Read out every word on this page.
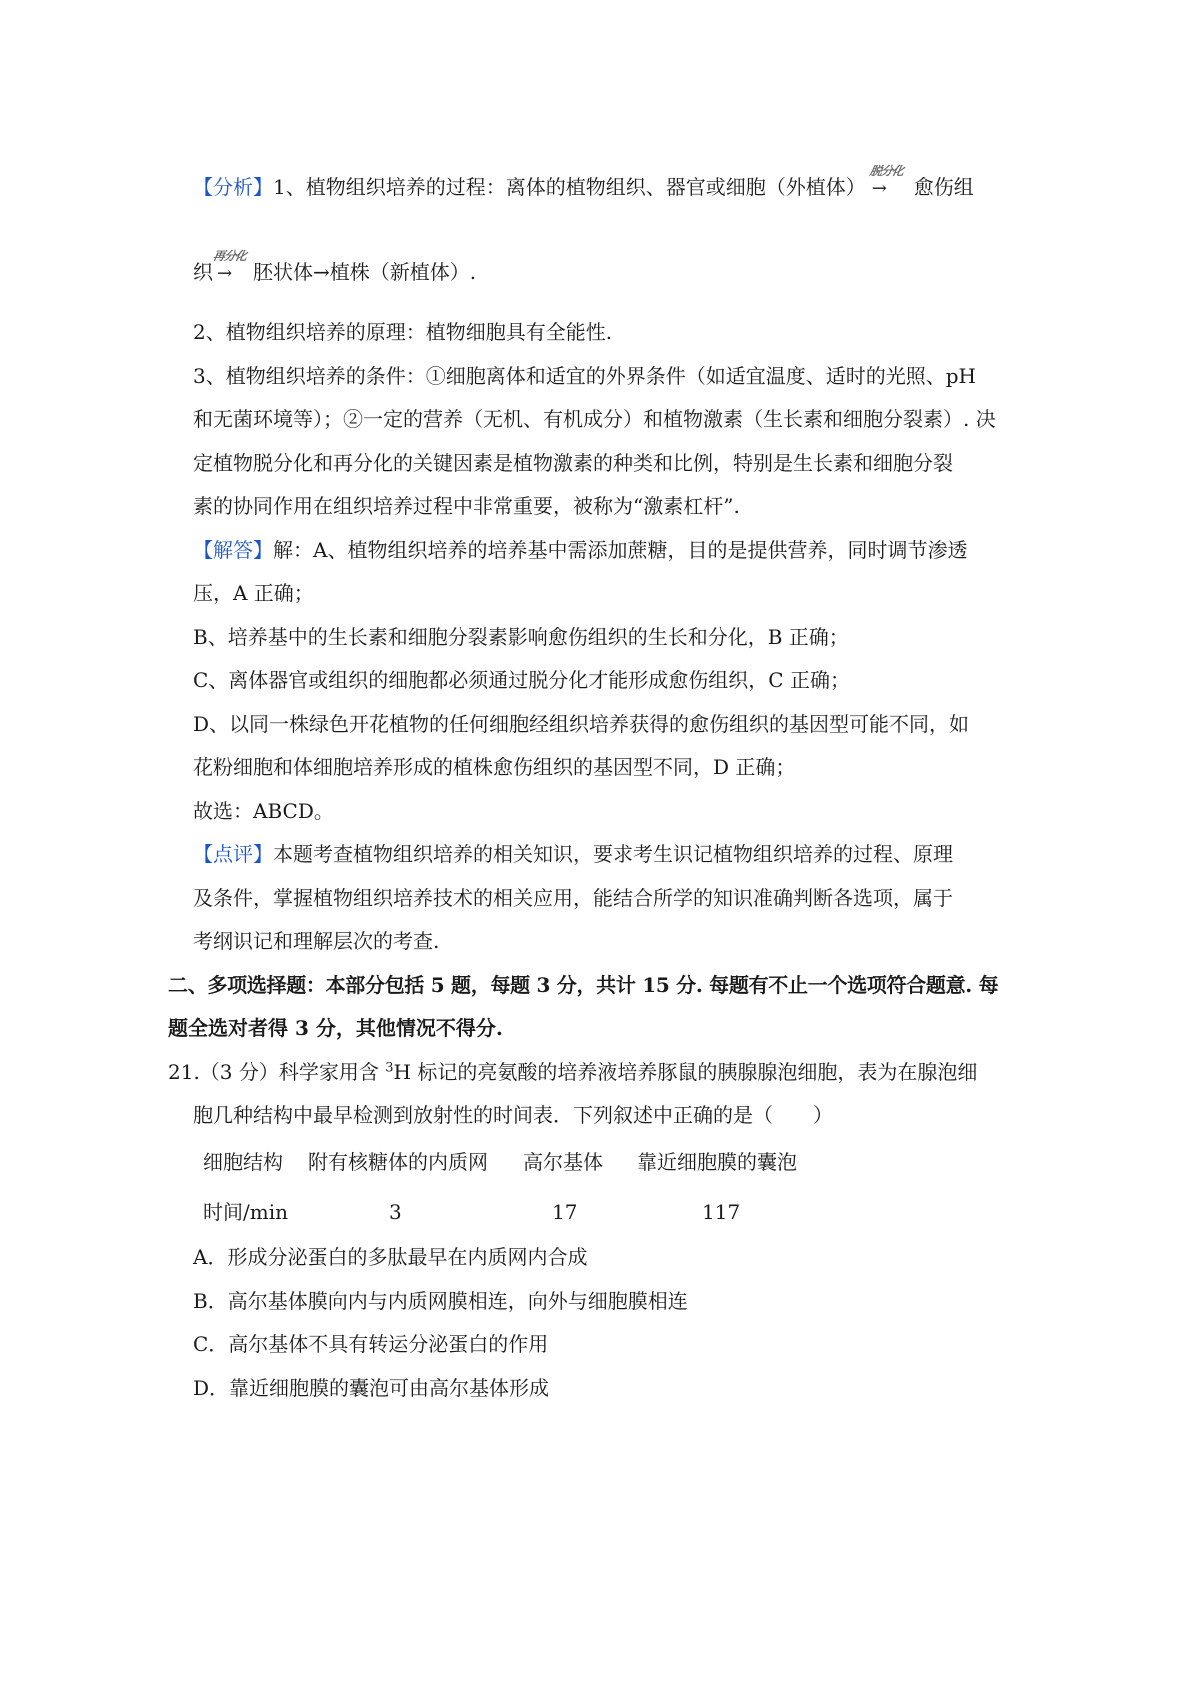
【分析】1、植物组织培养的过程：离体的植物组织、器官或细胞（外植体）
脱分化
→ 愈伤组
织
再分化
→ 胚状体→植株（新植体）.
2、植物组织培养的原理：植物细胞具有全能性.
3、植物组织培养的条件：①细胞离体和适宜的外界条件（如适宜温度、适时的光照、pH
和无菌环境等）；②一定的营养（无机、有机成分）和植物激素（生长素和细胞分裂素）. 决
定植物脱分化和再分化的关键因素是植物激素的种类和比例，特别是生长素和细胞分裂
素的协同作用在组织培养过程中非常重要，被称为“激素杠杆”.
【解答】解：A、植物组织培养的培养基中需添加蔗糖，目的是提供营养，同时调节渗透
压，A 正确；
B、培养基中的生长素和细胞分裂素影响愈伤组织的生长和分化，B 正确；
C、离体器官或组织的细胞都必须通过脱分化才能形成愈伤组织，C 正确；
D、以同一株绿色开花植物的任何细胞经组织培养获得的愈伤组织的基因型可能不同，如
花粉细胞和体细胞培养形成的植株愈伤组织的基因型不同，D 正确；
故选：ABCD。
【点评】本题考查植物组织培养的相关知识，要求考生识记植物组织培养的过程、原理
及条件，掌握植物组织培养技术的相关应用，能结合所学的知识准确判断各选项，属于
考纲识记和理解层次的考查.
二、多项选择题：本部分包括 5 题，每题 3 分，共计 15 分. 每题有不止一个选项符合题意. 每
题全选对者得 3 分，其他情况不得分.
21.（3 分）科学家用含 $^3$H 标记的亮氨酸的培养液培养豚鼠的胰腺腺泡细胞，表为在腺泡细
胞几种结构中最早检测到放射性的时间表．下列叙述中正确的是（　　）
细胞结构 附有核糖体的内质网 高尔基体 靠近细胞膜的囊泡
时间/min	3	17	117
A．形成分泌蛋白的多肽最早在内质网内合成
B．高尔基体膜向内与内质网膜相连，向外与细胞膜相连
C．高尔基体不具有转运分泌蛋白的作用
D．靠近细胞膜的囊泡可由高尔基体形成
